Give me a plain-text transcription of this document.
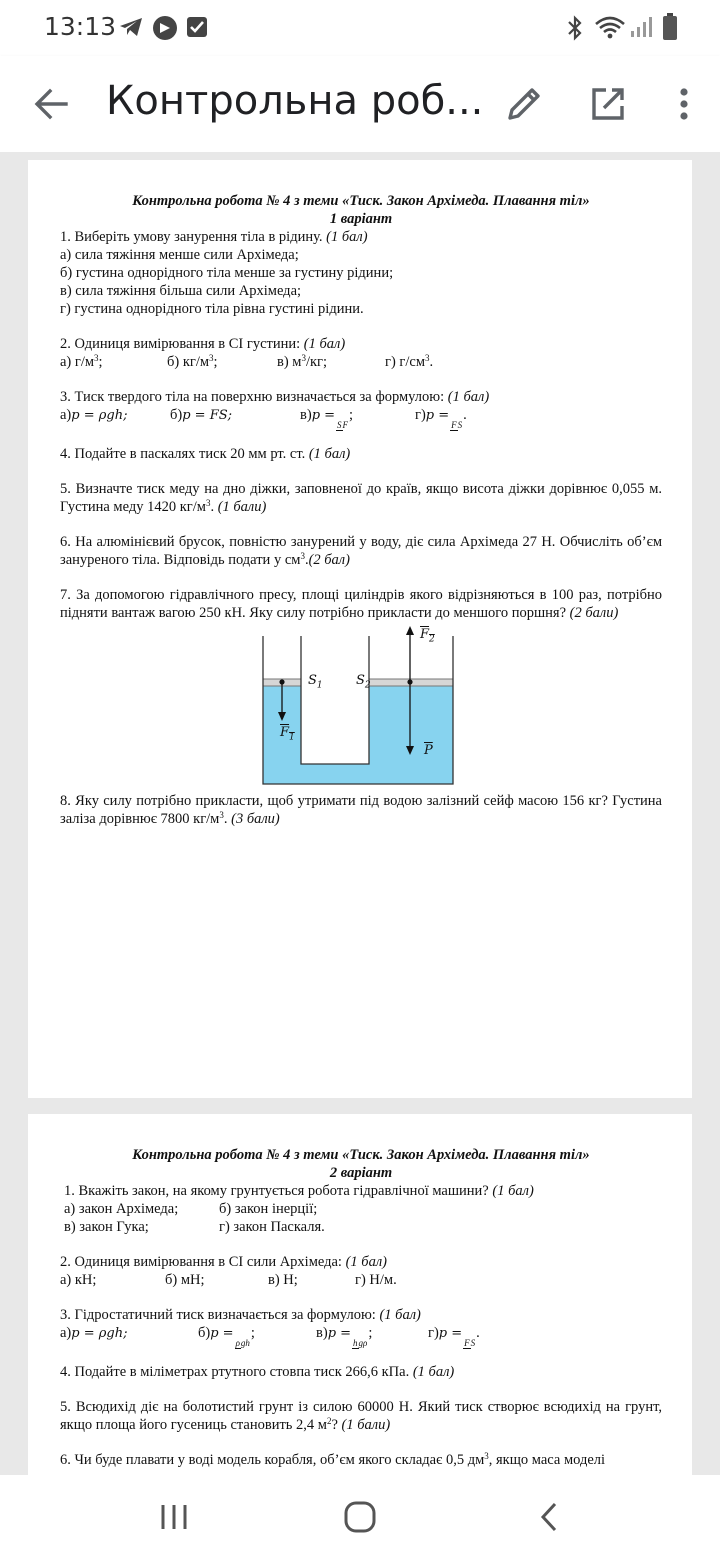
13:13
Контрольна роб...

Контрольна робота № 4 з теми «Тиск. Закон Архімеда. Плавання тіл»

1 варіант

1. Виберіть умову занурення тіла в рідину. (1 бал)

а) сила тяжіння менше сили Архімеда;

б) густина однорідного тіла менше за густину рідини;

в) сила тяжіння більша сили Архімеда;

г) густина однорідного тіла рівна густині рідини.

2. Одиниця вимірювання в СІ густини: (1 бал)

а) $г/м^3$;	б) $кг/м^3$;	в) $м^3/кг$;	г) $г/см^3$.

3. Тиск твердого тіла на поверхню визначається за формулою: (1 бал)

а)p = ρgh;	б)p = FS;	в)p =SF;	г)p =FS.

4. Подайте в паскалях тиск 20 мм рт. ст. (1 бал)

5. Визначте тиск меду на дно діжки, заповненої до країв, якщо висота діжки дорівнює 0,055 м. Густина меду 1420 $кг/м^3$. (1 бали)

6. На алюмінієвий брусок, повністю занурений у воду, діє сила Архімеда 27 Н. Обчисліть об’єм зануреного тіла. Відповідь подати у $см^3.(2$ бал)

7. За допомогою гідравлічного пресу, площі циліндрів якого відрізняються в 100 раз, потрібно підняти вантаж вагою 250 кН. Яку силу потрібно прикласти до меншого поршня? (2 бали)

$S_1$	$S_2$
$F_1$
$F_2$
$\overline{P}$

8. Яку силу потрібно прикласти, щоб утримати під водою залізний сейф масою 156 кг? Густина заліза дорівнює 7800 $кг/м^3$. (3 бали)

Контрольна робота № 4 з теми «Тиск. Закон Архімеда. Плавання тіл»

2 варіант

1. Вкажіть закон, на якому грунтується робота гідравлічної машини? (1 бал)

а) закон Архімеда;	б) закон інерції;
в) закон Гука;	г) закон Паскаля.

2. Одиниця вимірювання в СІ сили Архімеда: (1 бал)

а) кН;	б) мН;	в) Н;	г) Н/м.

3. Гідростатичний тиск визначається за формулою: (1 бал)

а)p = ρgh;	б)p =ρgh;	в)p =hgρ;	г)p =FS.

4. Подайте в міліметрах ртутного стовпа тиск 266,6 кПа. (1 бал)

5. Всюдихід діє на болотистий грунт із силою 60000 Н. Який тиск створює всюдихід на грунт, якщо площа його гусениць становить 2,4 $м^2$? (1 бали)

6. Чи буде плавати у воді модель корабля, об’єм якого складає 0,5 $дм^3$, якщо маса моделі
